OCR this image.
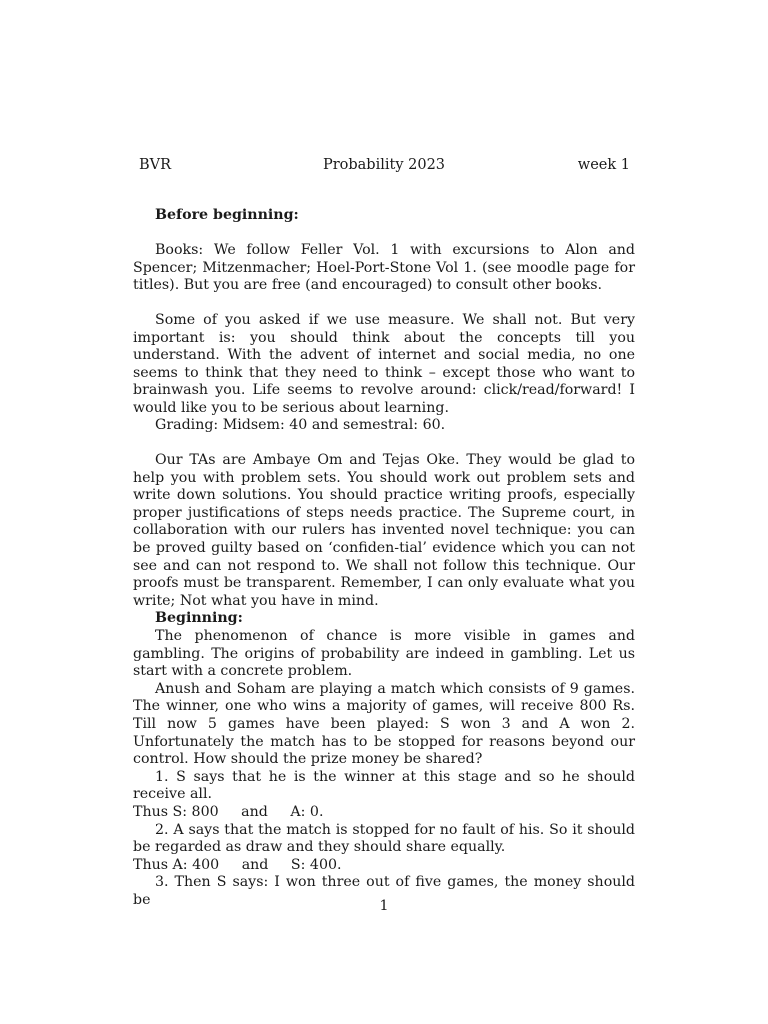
BVR	Probability 2023	week 1
Before beginning:

Books: We follow Feller Vol. 1 with excursions to Alon and Spencer; Mitzenmacher; Hoel-Port-Stone Vol 1. (see moodle page for titles). But you are free (and encouraged) to consult other books.

Some of you asked if we use measure. We shall not. But very important is: you should think about the concepts till you understand. With the advent of internet and social media, no one seems to think that they need to think – except those who want to brainwash you. Life seems to revolve around: click/read/forward! I would like you to be serious about learning.

Grading: Midsem: 40 and semestral: 60.

Our TAs are Ambaye Om and Tejas Oke. They would be glad to help you with problem sets. You should work out problem sets and write down solutions. You should practice writing proofs, especially proper justifications of steps needs practice. The Supreme court, in collaboration with our rulers has invented novel technique: you can be proved guilty based on ‘confiden-tial’ evidence which you can not see and can not respond to. We shall not follow this technique. Our proofs must be transparent. Remember, I can only evaluate what you write; Not what you have in mind.

Beginning:

The phenomenon of chance is more visible in games and gambling. The origins of probability are indeed in gambling. Let us start with a concrete problem.

Anush and Soham are playing a match which consists of 9 games. The winner, one who wins a majority of games, will receive 800 Rs. Till now 5 games have been played: S won 3 and A won 2. Unfortunately the match has to be stopped for reasons beyond our control. How should the prize money be shared?

1. S says that he is the winner at this stage and so he should receive all.

Thus S: 800     and     A: 0.

2. A says that the match is stopped for no fault of his. So it should be regarded as draw and they should share equally.

Thus A: 400     and     S: 400.

3. Then S says: I won three out of five games, the money should be	1
